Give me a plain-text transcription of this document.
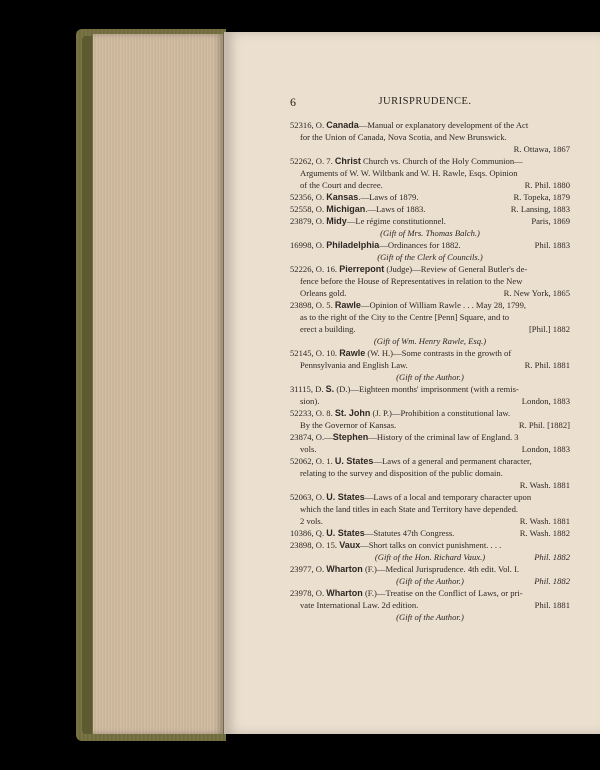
6	JURISPRUDENCE.
52316, O. Canada—Manual or explanatory development of the Act
for the Union of Canada, Nova Scotia, and New Brunswick.
R. Ottawa, 1867
52262, O. 7. Christ Church vs. Church of the Holy Communion—
Arguments of W. W. Wiltbank and W. H. Rawle, Esqs. Opinion
of the Court and decree.	R. Phil. 1880
52356, O. Kansas.—Laws of 1879.	R. Topeka, 1879
52558, O. Michigan.—Laws of 1883.	R. Lansing, 1883
23879, O. Midy—Le régime constitutionnel.	Paris, 1869
(Gift of Mrs. Thomas Balch.)
16998, O. Philadelphia—Ordinances for 1882.	Phil. 1883
(Gift of the Clerk of Councils.)
52226, O. 16. Pierrepont (Judge)—Review of General Butler's de-
fence before the House of Representatives in relation to the New
Orleans gold.	R. New York, 1865
23898, O. 5. Rawle—Opinion of William Rawle . . . May 28, 1799,
as to the right of the City to the Centre [Penn] Square, and to
erect a building.	[Phil.] 1882
(Gift of Wm. Henry Rawle, Esq.)
52145, O. 10. Rawle (W. H.)—Some contrasts in the growth of
Pennsylvania and English Law.	R. Phil. 1881
(Gift of the Author.)
31115, D. S. (D.)—Eighteen months' imprisonment (with a remis-
sion).	London, 1883
52233, O. 8. St. John (J. P.)—Prohibition a constitutional law.
By the Governor of Kansas.	R. Phil. [1882]
23874, O.—Stephen—History of the criminal law of England. 3
vols.	London, 1883
52062, O. 1. U. States—Laws of a general and permanent character,
relating to the survey and disposition of the public domain.
R. Wash. 1881
52063, O. U. States—Laws of a local and temporary character upon
which the land titles in each State and Territory have depended.
2 vols.	R. Wash. 1881
10386, Q. U. States—Statutes 47th Congress.	R. Wash. 1882
23898, O. 15. Vaux—Short talks on convict punishment. . . .
(Gift of the Hon. Richard Vaux.)	Phil. 1882
23977, O. Wharton (F.)—Medical Jurisprudence. 4th edit. Vol. I.
(Gift of the Author.)	Phil. 1882
23978, O. Wharton (F.)—Treatise on the Conflict of Laws, or pri-
vate International Law. 2d edition.	Phil. 1881
(Gift of the Author.)
